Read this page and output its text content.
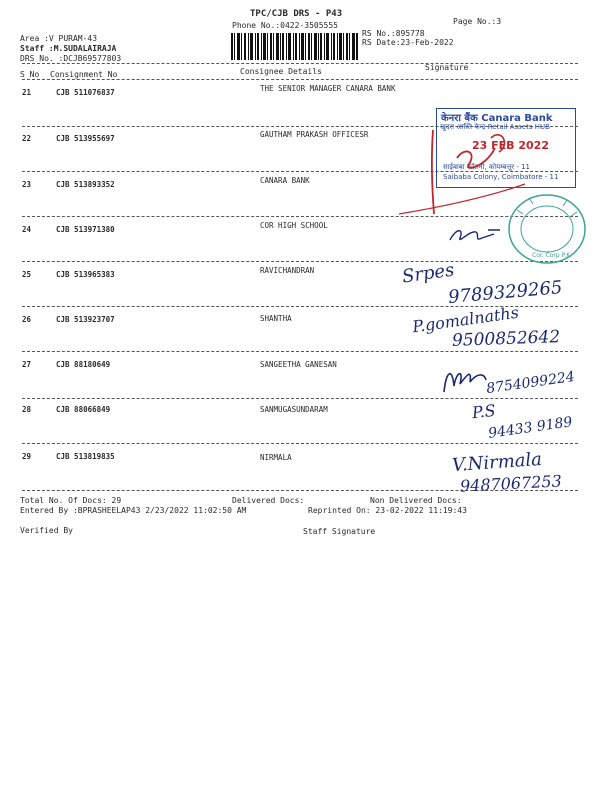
TPC/CJB DRS - P43
Phone No.:0422-3505555	Page No.:3
Area :V PURAM-43
Staff :M.SUDALAIRAJA
DRS No. :DCJB69577803
RS No.:895778
RS Date:23-Feb-2022
S No Consignment No	Consignee Details	Signature
21	CJB 511076837	THE SENIOR MANAGER CANARA BANK
22	CJB 513955697	GAUTHAM PRAKASH OFFICESR
23	CJB 513893352	CANARA BANK
24	CJB 513971380	COR HIGH SCHOOL
25	CJB 513965383	RAVICHANDRAN
26	CJB 513923707	SHANTHA
27	CJB 88180649	SANGEETHA GANESAN
28	CJB 88066849	SANMUGASUNDARAM
29	CJB 513819835	NIRMALA
केनरा बैंक Canara Bank
खुदरा आस्ति केन्द्र Retail Assets HUB
23 FEB 2022
साईबाबा कॉलनी, कोयम्बत्तूर - 11
Saibaba Colony, Coimbatore - 11
Cor. Corp P.K.
Srpes
9789329265
P.gomalnaths
9500852642
8754099224
P.S
94433 9189
V.Nirmala
9487067253
Total No. Of Docs: 29	Delivered Docs:	Non Delivered Docs:
Entered By :BPRASHEELAP43 2/23/2022 11:02:50 AM	Reprinted On: 23-02-2022 11:19:43
Verified By	Staff Signature
